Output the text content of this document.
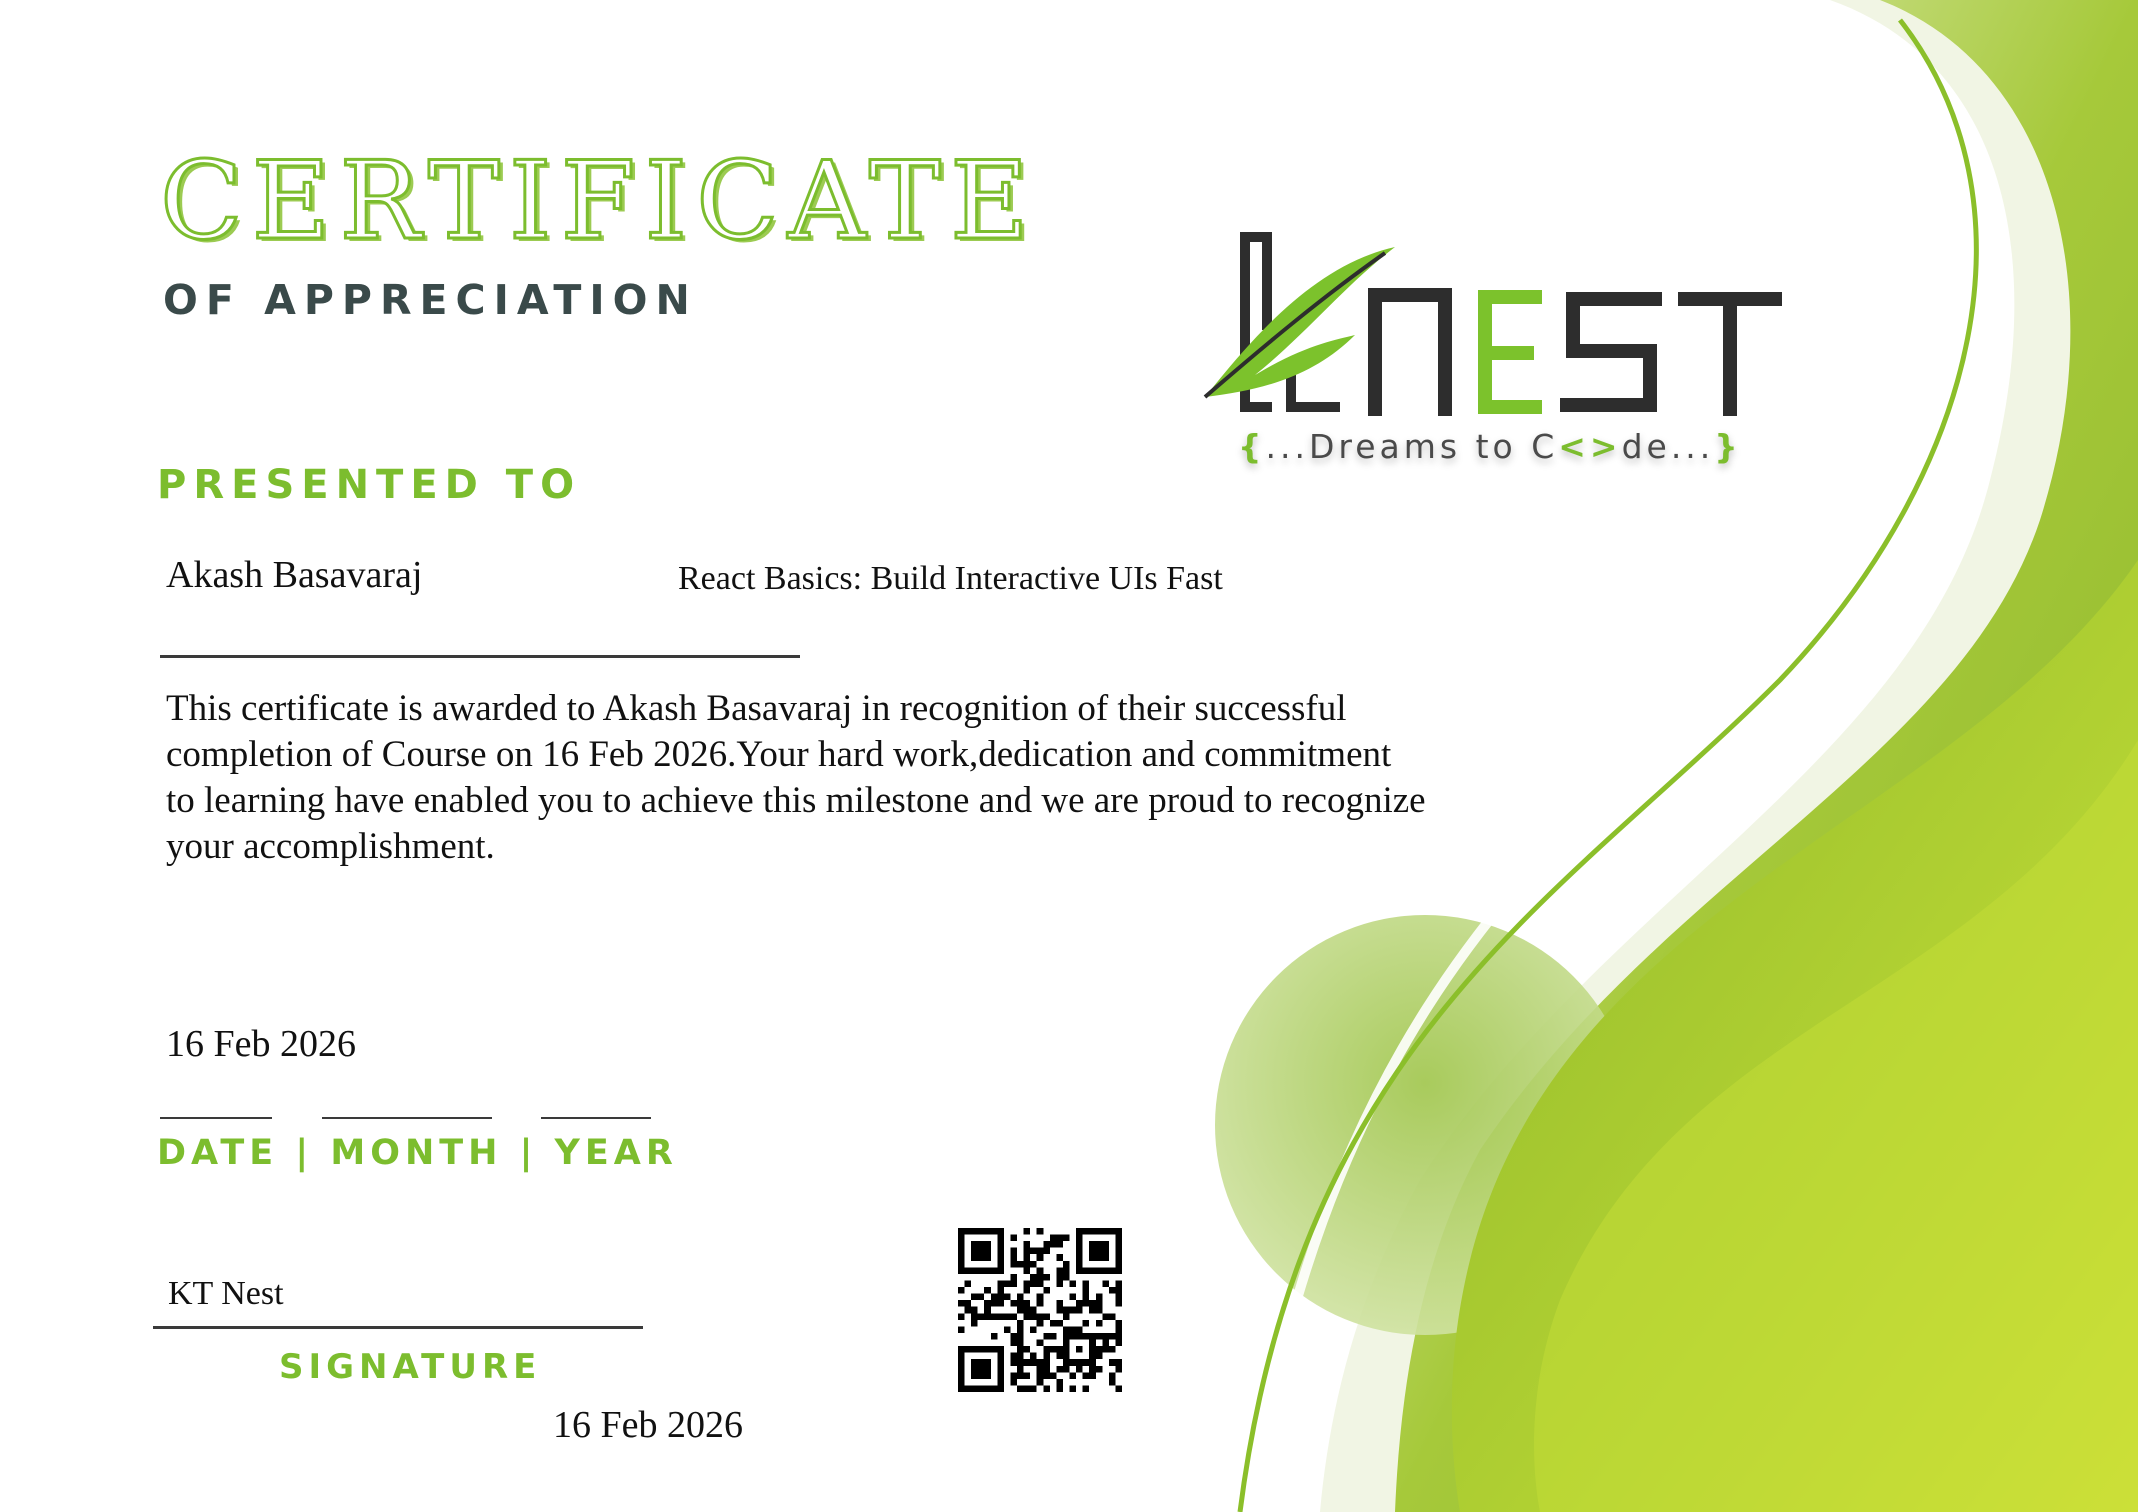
CERTIFICATE
OF APPRECIATION
{...Dreams to C<>de...}
PRESENTED TO
Akash Basavaraj	React Basics: Build Interactive UIs Fast
This certificate is awarded to Akash Basavaraj in recognition of their successful completion of Course on 16 Feb 2026.Your hard work,dedication and commitment to learning have enabled you to achieve this milestone and we are proud to recognize your accomplishment.
16 Feb 2026
DATE | MONTH | YEAR
KT Nest
SIGNATURE
16 Feb 2026
